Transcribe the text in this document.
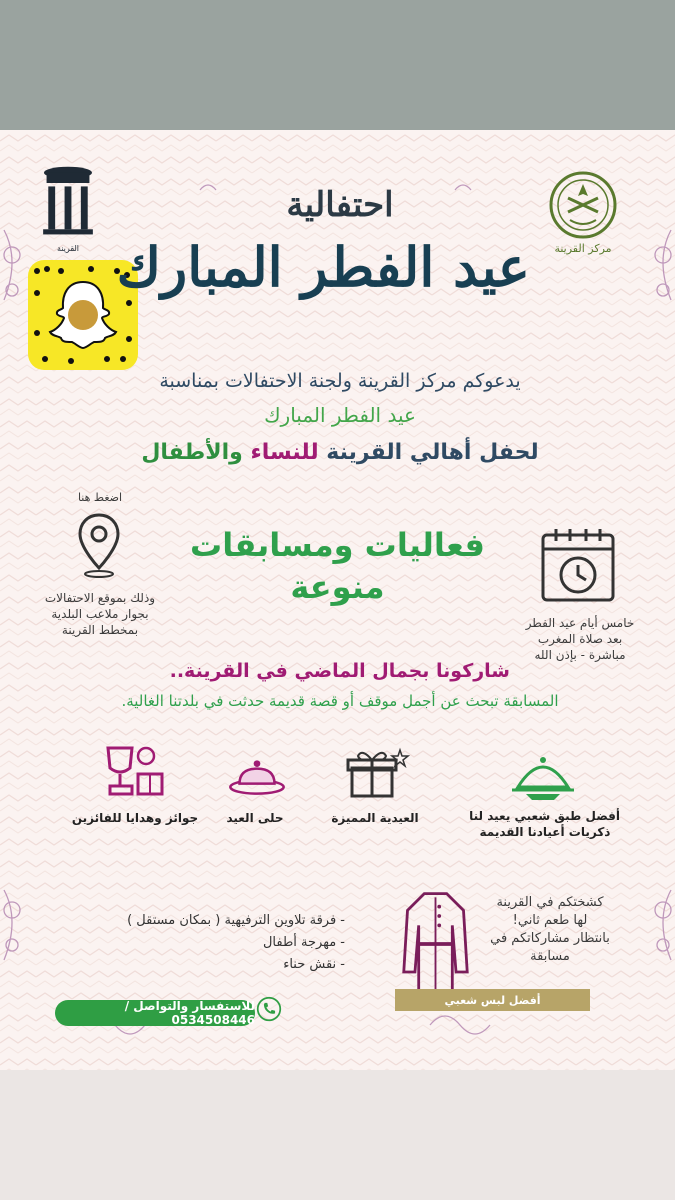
مركز القرينة
القرينة
احتفالية
عيد الفطر المبارك
يدعوكم مركز القرينة ولجنة الاحتفالات بمناسبة
عيد الفطر المبارك
لحفل أهالي القرينة للنساء والأطفال
اضغط هنا
وذلك بموقع الاحتفالات
بجوار ملاعب البلدية
بمخطط القرينة
فعاليات ومسابقات
منوعة
خامس أيام عيد الفطر
بعد صلاة المغرب
مباشرة - بإذن الله
شاركونا بجمال الماضي في القرينة..
المسابقة تبحث عن أجمل موقف أو قصة قديمة حدثت في بلدتنا الغالية.
أفضل طبق شعبي يعيد لنا
ذكريات أعيادنا القديمة
العيدية المميزة
حلى العيد
جوائز وهدايا للفائزين
كشختكم في القرينة
لها طعم ثاني!
بانتظار مشاركاتكم في
مسابقة
أفضل لبس شعبي
- فرقة تلاوين الترفيهية ( بمكان مستقل )
- مهرجة أطفال
- نقش حناء
للاستفسار والتواصل / 0534508446
